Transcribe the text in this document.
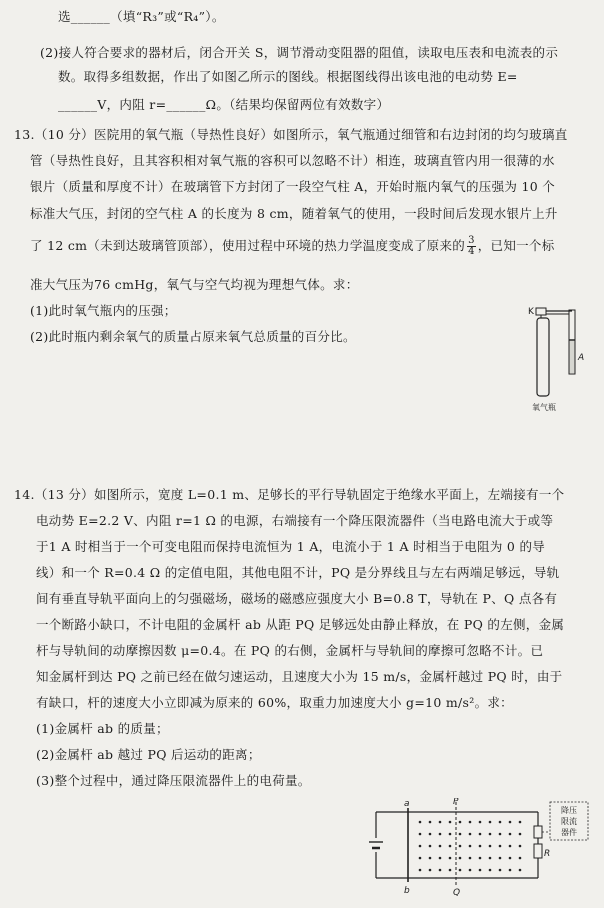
选______（填“R₃”或“R₄”）。
(2)接人符合要求的器材后，闭合开关 S，调节滑动变阻器的阻值，读取电压表和电流表的示
数。取得多组数据，作出了如图乙所示的图线。根据图线得出该电池的电动势 E=
______V，内阻 r=______Ω。（结果均保留两位有效数字）
13.（10 分）医院用的氧气瓶（导热性良好）如图所示，氧气瓶通过细管和右边封闭的均匀玻璃直
管（导热性良好，且其容积相对氧气瓶的容积可以忽略不计）相连，玻璃直管内用一很薄的水
银片（质量和厚度不计）在玻璃管下方封闭了一段空气柱 A，开始时瓶内氧气的压强为 10 个
标准大气压，封闭的空气柱 A 的长度为 8 cm，随着氧气的使用，一段时间后发现水银片上升
了 12 cm（未到达玻璃管顶部），使用过程中环境的热力学温度变成了原来的 $\frac{3}{4}$ ，已知一个标
准大气压为76 cmHg，氧气与空气均视为理想气体。求：
(1)此时氧气瓶内的压强；
(2)此时瓶内剩余氧气的质量占原来氧气总质量的百分比。
K
A
氧气瓶
14.（13 分）如图所示，宽度 L=0.1 m、足够长的平行导轨固定于绝缘水平面上，左端接有一个
电动势 E=2.2 V、内阻 r=1 Ω 的电源，右端接有一个降压限流器件（当电路电流大于或等
于1 A 时相当于一个可变电阻而保持电流恒为 1 A，电流小于 1 A 时相当于电阻为 0 的导
线）和一个 R=0.4 Ω 的定值电阻，其他电阻不计，PQ 是分界线且与左右两端足够远，导轨
间有垂直导轨平面向上的匀强磁场，磁场的磁感应强度大小 B=0.8 T，导轨在 P、Q 点各有
一个断路小缺口，不计电阻的金属杆 ab 从距 PQ 足够远处由静止释放，在 PQ 的左侧，金属
杆与导轨间的动摩擦因数 μ=0.4。在 PQ 的右侧，金属杆与导轨间的摩擦可忽略不计。已
知金属杆到达 PQ 之前已经在做匀速运动，且速度大小为 15 m/s，金属杆越过 PQ 时，由于
有缺口，杆的速度大小立即减为原来的 60%，取重力加速度大小 g=10 m/s²。求：
(1)金属杆 ab 的质量；
(2)金属杆 ab 越过 PQ 后运动的距离；
(3)整个过程中，通过降压限流器件上的电荷量。
R
降压
限流
器件
a
b
P
Q
